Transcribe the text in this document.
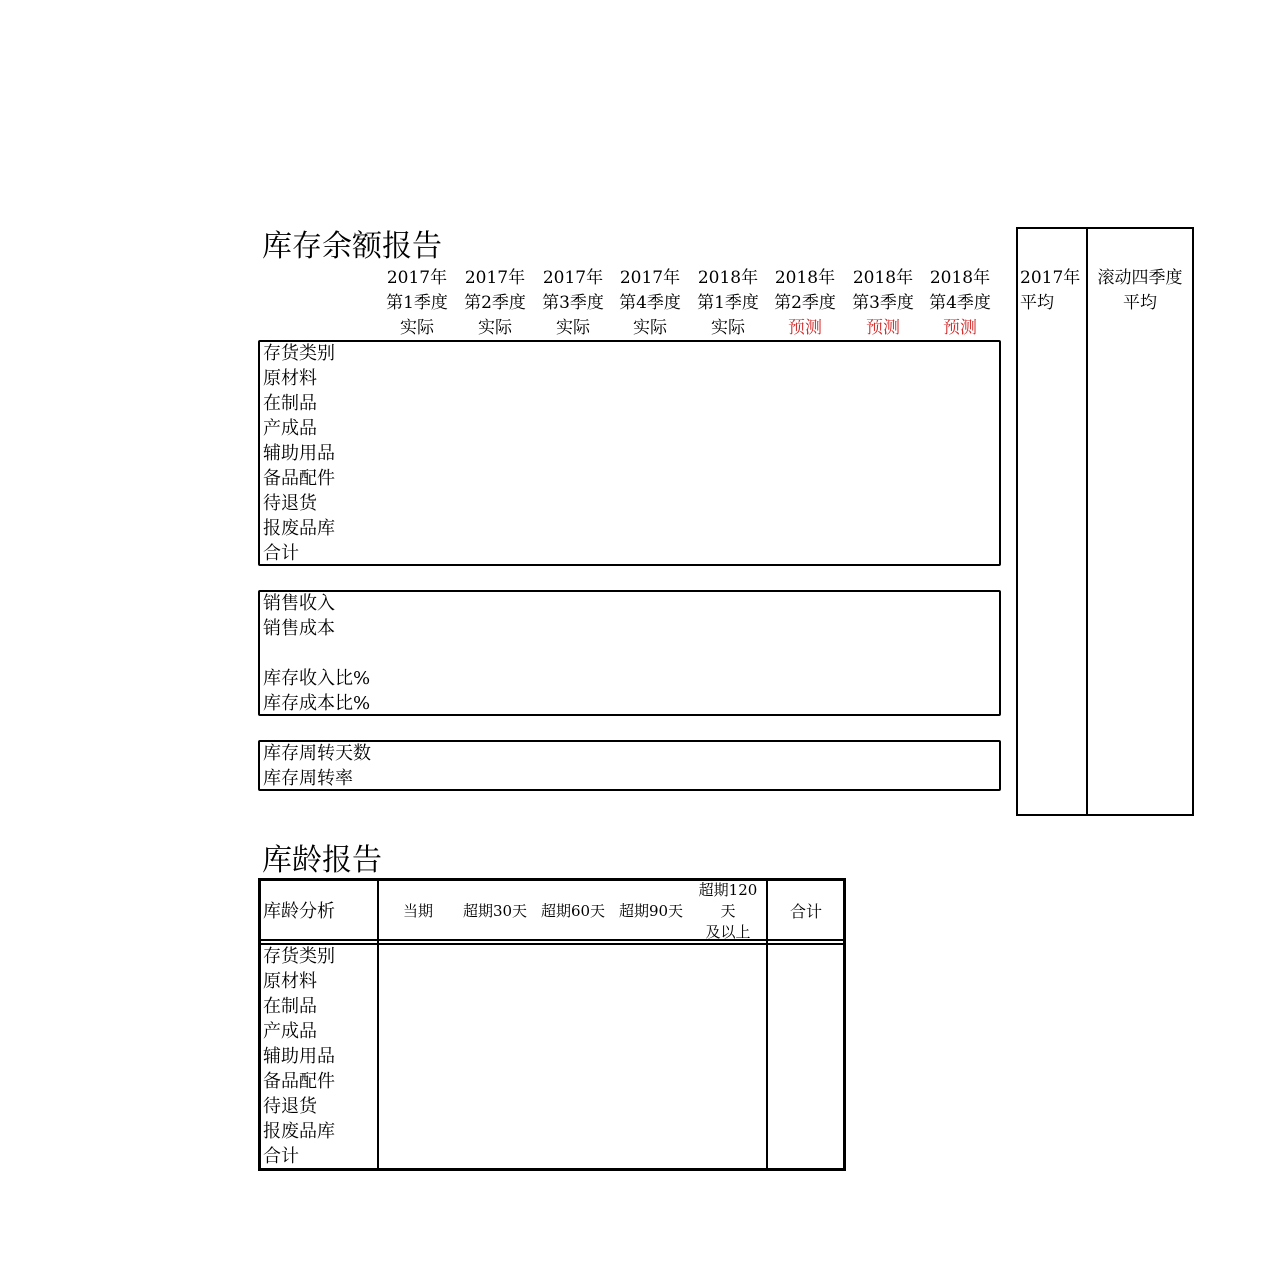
库存余额报告
2017年
第1季度
实际
2017年
第2季度
实际
2017年
第3季度
实际
2017年
第4季度
实际
2018年
第1季度
实际
2018年
第2季度
预测
2018年
第3季度
预测
2018年
第4季度
预测
2017年
平均
滚动四季度
平均
存货类别
原材料
在制品
产成品
辅助用品
备品配件
待退货
报废品库
合计
销售收入
销售成本
库存收入比%
库存成本比%
库存周转天数
库存周转率
库龄报告
库龄分析	当期	超期30天 超期60天 超期90天
超期120
天
及以上
合计
存货类别
原材料
在制品
产成品
辅助用品
备品配件
待退货
报废品库
合计
